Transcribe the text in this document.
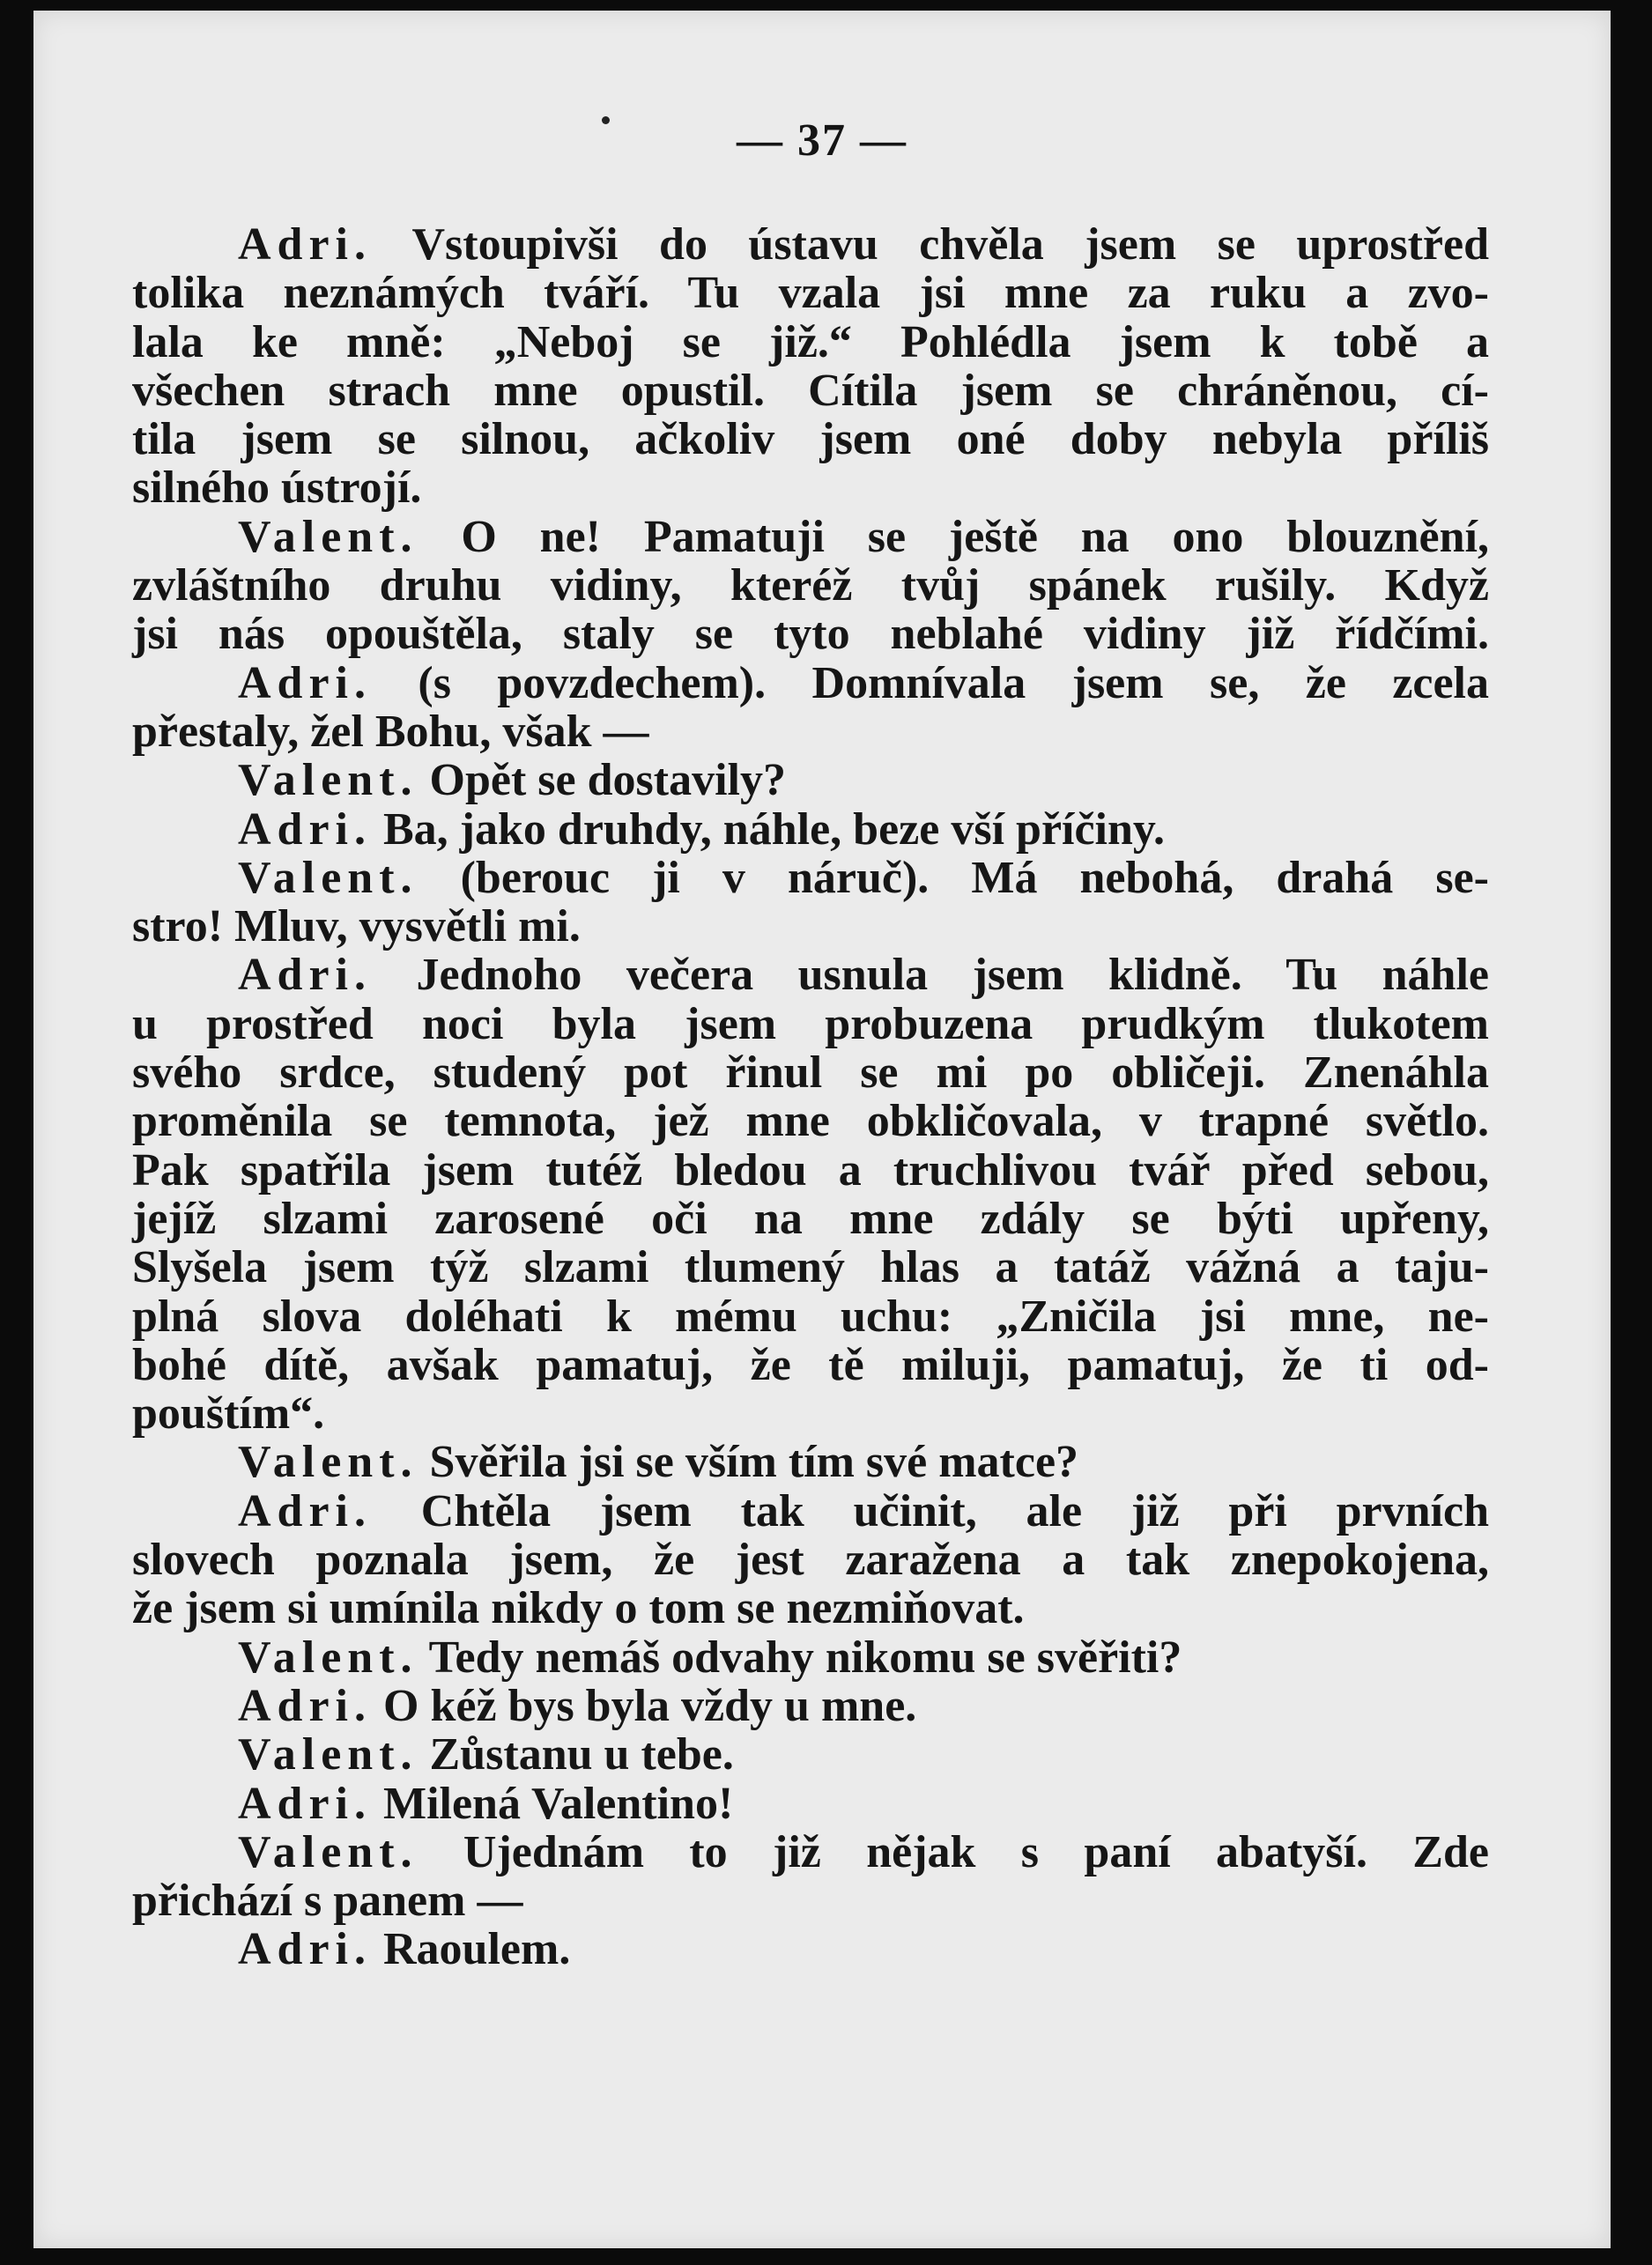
— 37 —
Adri. Vstoupivši do ústavu chvěla jsem se uprostřed
tolika neznámých tváří. Tu vzala jsi mne za ruku a zvo-
lala ke mně: „Neboj se již.“ Pohlédla jsem k tobě a
všechen strach mne opustil. Cítila jsem se chráněnou, cí-
tila jsem se silnou, ačkoliv jsem oné doby nebyla příliš
silného ústrojí.
Valent. O ne! Pamatuji se ještě na ono blouznění,
zvláštního druhu vidiny, kteréž tvůj spánek rušily. Když
jsi nás opouštěla, staly se tyto neblahé vidiny již řídčími.
Adri. (s povzdechem). Domnívala jsem se, že zcela
přestaly, žel Bohu, však —
Valent. Opět se dostavily?
Adri. Ba, jako druhdy, náhle, beze vší příčiny.
Valent. (berouc ji v náruč). Má nebohá, drahá se-
stro! Mluv, vysvětli mi.
Adri. Jednoho večera usnula jsem klidně. Tu náhle
u prostřed noci byla jsem probuzena prudkým tlukotem
svého srdce, studený pot řinul se mi po obličeji. Znenáhla
proměnila se temnota, jež mne obkličovala, v trapné světlo.
Pak spatřila jsem tutéž bledou a truchlivou tvář před sebou,
jejíž slzami zarosené oči na mne zdály se býti upřeny,
Slyšela jsem týž slzami tlumený hlas a tatáž vážná a taju-
plná slova doléhati k mému uchu: „Zničila jsi mne, ne-
bohé dítě, avšak pamatuj, že tě miluji, pamatuj, že ti od-
pouštím“.
Valent. Svěřila jsi se vším tím své matce?
Adri. Chtěla jsem tak učinit, ale již při prvních
slovech poznala jsem, že jest zaražena a tak znepokojena,
že jsem si umínila nikdy o tom se nezmiňovat.
Valent. Tedy nemáš odvahy nikomu se svěřiti?
Adri. O kéž bys byla vždy u mne.
Valent. Zůstanu u tebe.
Adri. Milená Valentino!
Valent. Ujednám to již nějak s paní abatyší. Zde
přichází s panem —
Adri. Raoulem.
